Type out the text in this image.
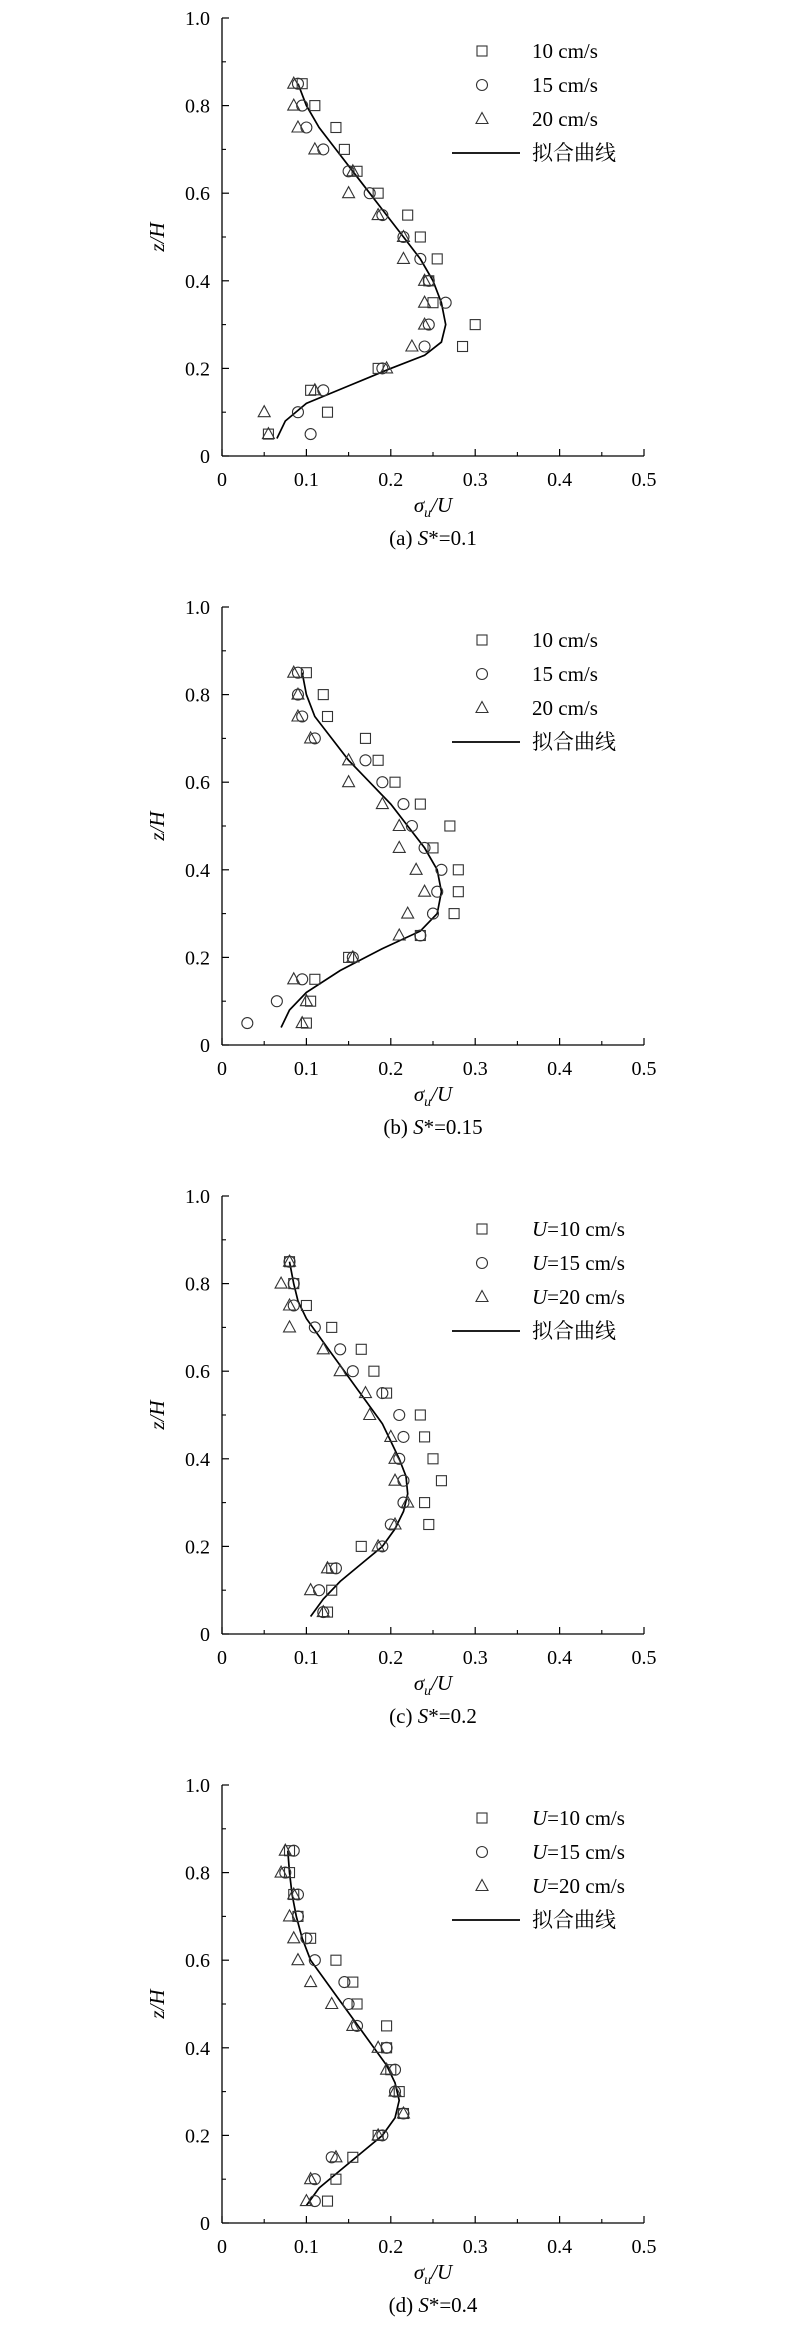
0	0.1	0.2	0.3	0.4	0.5
0
0.2
0.4
0.6
0.8
1.0
z/H
$\sigma_u/U$
(a) S*=0.1
10 cm/s
15 cm/s
20 cm/s
拟合曲线
0	0.1	0.2	0.3	0.4	0.5
0
0.2
0.4
0.6
0.8
1.0
z/H
$\sigma_u/U$
(b) S*=0.15
10 cm/s
15 cm/s
20 cm/s
拟合曲线
0	0.1	0.2	0.3	0.4	0.5
0
0.2
0.4
0.6
0.8
1.0
z/H
$\sigma_u/U$
(c) S*=0.2
U=10 cm/s
U=15 cm/s
U=20 cm/s
拟合曲线
0	0.1	0.2	0.3	0.4	0.5
0
0.2
0.4
0.6
0.8
1.0
z/H
$\sigma_u/U$
(d) S*=0.4
U=10 cm/s
U=15 cm/s
U=20 cm/s
拟合曲线
